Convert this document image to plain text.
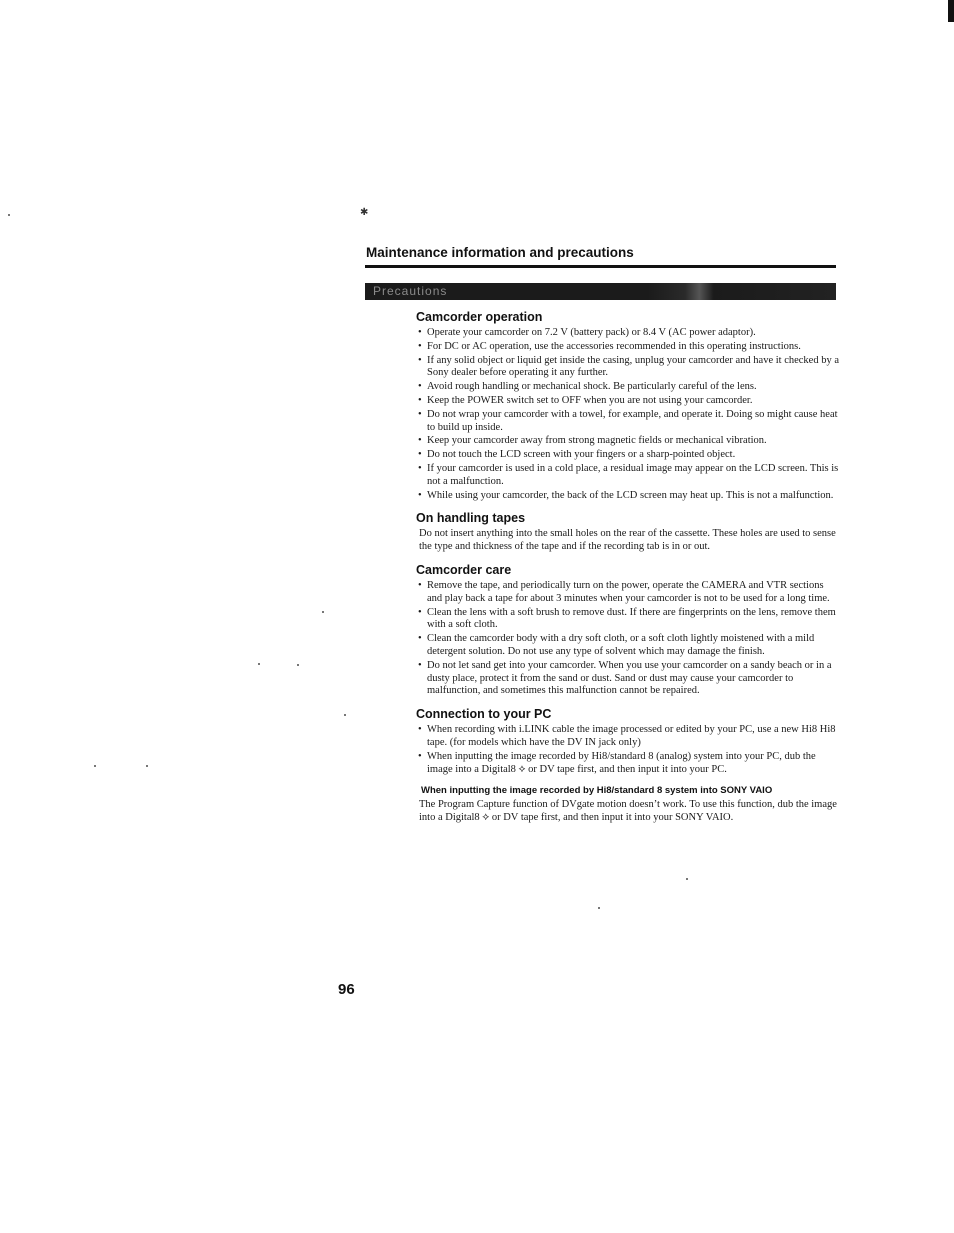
✱
Maintenance information and precautions
Precautions
Camcorder operation
• Operate your camcorder on 7.2 V (battery pack) or 8.4 V (AC power adaptor).
• For DC or AC operation, use the accessories recommended in this operating instructions.
• If any solid object or liquid get inside the casing, unplug your camcorder and have it checked by a Sony dealer before operating it any further.
• Avoid rough handling or mechanical shock. Be particularly careful of the lens.
• Keep the POWER switch set to OFF when you are not using your camcorder.
• Do not wrap your camcorder with a towel, for example, and operate it. Doing so might cause heat to build up inside.
• Keep your camcorder away from strong magnetic fields or mechanical vibration.
• Do not touch the LCD screen with your fingers or a sharp-pointed object.
• If your camcorder is used in a cold place, a residual image may appear on the LCD screen. This is not a malfunction.
• While using your camcorder, the back of the LCD screen may heat up. This is not a malfunction.
On handling tapes

Do not insert anything into the small holes on the rear of the cassette. These holes are used to sense the type and thickness of the tape and if the recording tab is in or out.

Camcorder care
• Remove the tape, and periodically turn on the power, operate the CAMERA and VTR sections and play back a tape for about 3 minutes when your camcorder is not to be used for a long time.
• Clean the lens with a soft brush to remove dust. If there are fingerprints on the lens, remove them with a soft cloth.
• Clean the camcorder body with a dry soft cloth, or a soft cloth lightly moistened with a mild detergent solution. Do not use any type of solvent which may damage the finish.
• Do not let sand get into your camcorder. When you use your camcorder on a sandy beach or in a dusty place, protect it from the sand or dust. Sand or dust may cause your camcorder to malfunction, and sometimes this malfunction cannot be repaired.
Connection to your PC
• When recording with i.LINK cable the image processed or edited by your PC, use a new Hi8 Hi8 tape. (for models which have the DV IN jack only)
• When inputting the image recorded by Hi8/standard 8 (analog) system into your PC, dub the image into a Digital8 ⟡ or DV tape first, and then input it into your PC.
When inputting the image recorded by Hi8/standard 8 system into SONY VAIO

The Program Capture function of DVgate motion doesn’t work. To use this function, dub the image into a Digital8 ⟡ or DV tape first, and then input it into your SONY VAIO.

96
